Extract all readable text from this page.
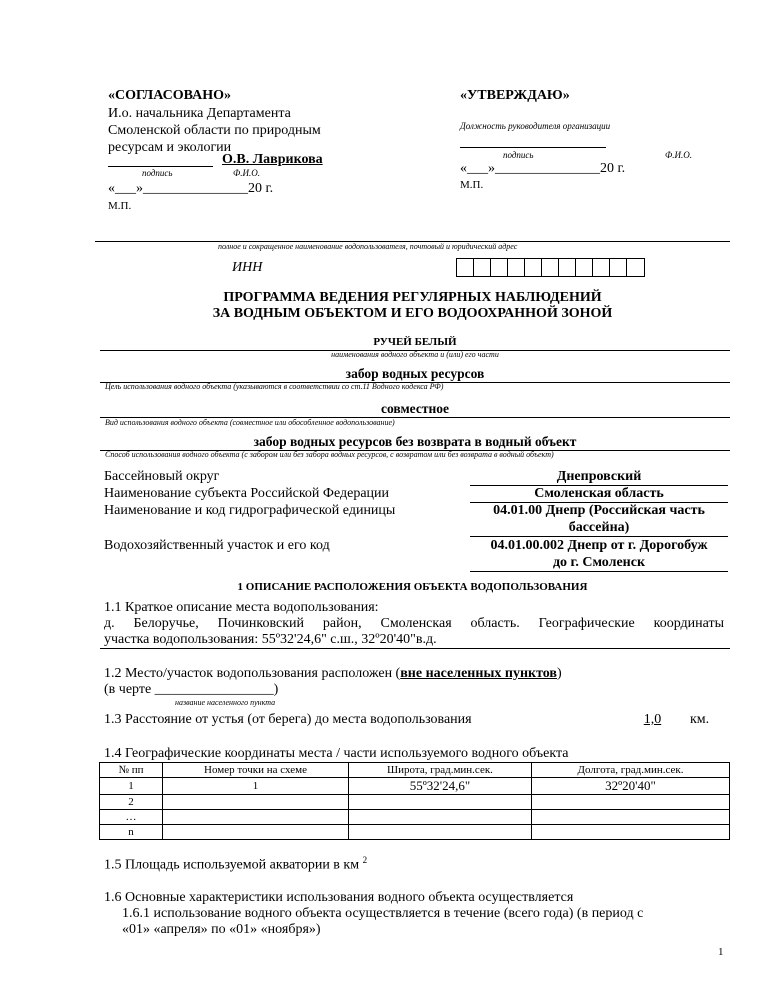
«СОГЛАСОВАНО»
И.о. начальника Департамента
Смоленской области по природным
ресурсам и экологии
О.В. Лаврикова
подпись	Ф.И.О.
«___»_______________20 г.
М.П.
«УТВЕРЖДАЮ»
Должность руководителя организации
подпись	Ф.И.О.
«___»_______________20 г.
М.П.
полное и сокращенное наименование водопользователя, почтовый и юридический адрес
ИНН
ПРОГРАММА ВЕДЕНИЯ РЕГУЛЯРНЫХ НАБЛЮДЕНИЙ
ЗА ВОДНЫМ ОБЪЕКТОМ И ЕГО ВОДООХРАННОЙ ЗОНОЙ
РУЧЕЙ БЕЛЫЙ
наименования водного объекта и (или) его части
забор водных ресурсов
Цель использования водного объекта (указываются в соответствии со ст.11 Водного кодекса РФ)
совместное
Вид использования водного объекта (совместное или обособленное водопользование)
забор водных ресурсов без возврата в водный объект
Способ использования водного объекта (с забором или без забора водных ресурсов, с возвратом или без возврата в водный объект)
Бассейновый округ	Днепровский
Наименование субъекта Российской Федерации	Смоленская область
Наименование и код гидрографической единицы	04.01.00 Днепр (Российская часть
бассейна)
Водохозяйственный участок и его код	04.01.00.002 Днепр от г. Дорогобуж
до г. Смоленск
1 ОПИСАНИЕ РАСПОЛОЖЕНИЯ ОБЪЕКТА ВОДОПОЛЬЗОВАНИЯ
1.1 Краткое описание места водопользования:
д. Белоручье, Починковский район, Смоленская область. Географические координаты
участка водопользования: 55º32'24,6" с.ш., 32º20'40"в.д.
1.2 Место/участок водопользования расположен (вне населенных пунктов)
(в черте _________________)
название населенного пункта
1.3 Расстояние от устья (от берега) до места водопользования	1,0	км.
1.4 Географические координаты места / части используемого водного объекта
№ пп	Номер точки на схеме	Широта, град.мин.сек.	Долгота, град.мин.сек.
1	1	55º32'24,6"	32º20'40"
2			
…			
n			
1.5 Площадь используемой акватории в км $^2$
1.6 Основные характеристики использования водного объекта осуществляется
1.6.1 использование водного объекта осуществляется в течение (всего года) (в период с
«01» «апреля» по «01» «ноября»)
1
